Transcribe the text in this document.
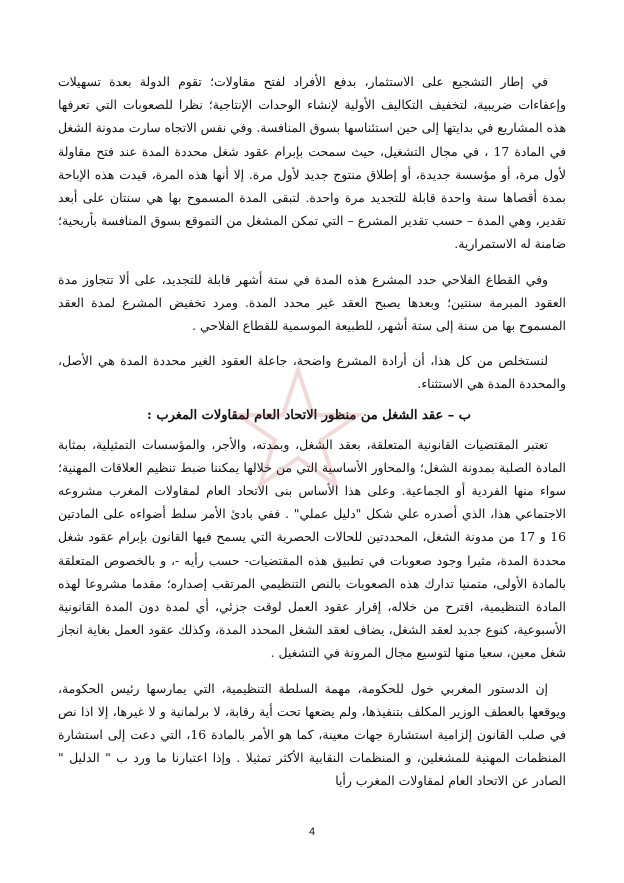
في إطار التشجيع على الاستثمار، بدفع الأفراد لفتح مقاولات؛ تقوم الدولة بعدة تسهيلات وإعفاءات ضريبية، لتخفيف التكاليف الأولية لإنشاء الوحدات الإنتاجية؛ نظرا للصعوبات التي تعرفها هذه المشاريع في بدايتها إلى حين استئناسها بسوق المنافسة. وفي نفس الاتجاه سارت مدونة الشغل في المادة 17 ، في مجال التشغيل، حيث سمحت بإبرام عقود شغل محددة المدة عند فتح مقاولة لأول مرة، أو مؤسسة جديدة، أو إطلاق منتوج جديد لأول مرة. إلا أنها هذه المرة، قيدت هذه الإباحة بمدة أقصاها سنة واحدة قابلة للتجديد مرة واحدة. لتبقى المدة المسموح بها هي سنتان على أبعد تقدير، وهي المدة – حسب تقدير المشرع – التي تمكن المشغل من التموقع بسوق المنافسة بأريحية؛ ضامنة له الاستمرارية.

وفي القطاع الفلاحي حدد المشرع هذه المدة في ستة أشهر قابلة للتجديد، على ألا تتجاوز مدة العقود المبرمة سنتين؛ وبعدها يصبح العقد غير محدد المدة. ومرد تخفيض المشرع لمدة العقد المسموح بها من سنة إلى ستة أشهر، للطبيعة الموسمية للقطاع الفلاحي .

لنستخلص من كل هذا، أن أرادة المشرع واضحة، جاعلة العقود الغير محددة المدة هي الأصل، والمحددة المدة هي الاستثناء.

ب – عقد الشغل من منظور الاتحاد العام لمقاولات المغرب :

تعتبر المقتضيات القانونية المتعلقة، بعقد الشغل، وبمدته، والأجر، والمؤسسات التمثيلية، بمثابة المادة الصلبة بمدونة الشغل؛ والمحاور الأساسية التي من خلالها يمكننا ضبط تنظيم العلاقات المهنية؛ سواء منها الفردية أو الجماعية. وعلى هذا الأساس بنى الاتحاد العام لمقاولات المغرب مشروعه الاجتماعي هذا، الذي أصدره علي شكل "دليل عملي" . ففي بادئ الأمر سلط أضواءه على المادتين 16 و 17 من مدونة الشغل، المحددتين للحالات الحصرية التي يسمح فيها القانون بإبرام عقود شغل محددة المدة، مثيرا وجود صعوبات في تطبيق هذه المقتضيات- حسب رأيه -، و بالخصوص المتعلقة بالمادة الأولى، متمنيا تدارك هذه الصعوبات بالنص التنظيمي المرتقب إصداره؛ مقدما مشروعا لهذه المادة التنظيمية، اقترح من خلاله، إقرار عقود العمل لوقت جزئي، أي لمدة دون المدة القانونية الأسبوعية، كنوع جديد لعقد الشغل، يضاف لعقد الشغل المحدد المدة، وكذلك عقود العمل بغاية انجاز شغل معين، سعيا منها لتوسيع مجال المرونة في التشغيل .

إن الدستور المغربي خول للحكومة، مهمة السلطة التنظيمية، التي يمارسها رئيس الحكومة، ويوقعها بالعطف الوزير المكلف بتنفيذها، ولم يضعها تحت أية رقابة، لا برلمانية و لا غيرها، إلا اذا نص في صلب القانون إلزامية استشارة جهات معينة، كما هو الأمر بالمادة 16، التي دعت إلى استشارة المنظمات المهنية للمشغلين، و المنظمات النقابية الأكثر تمثيلا . وإذا اعتبارنا ما ورد ب " الدليل " الصادر عن الاتحاد العام لمقاولات المغرب رأيا

4
